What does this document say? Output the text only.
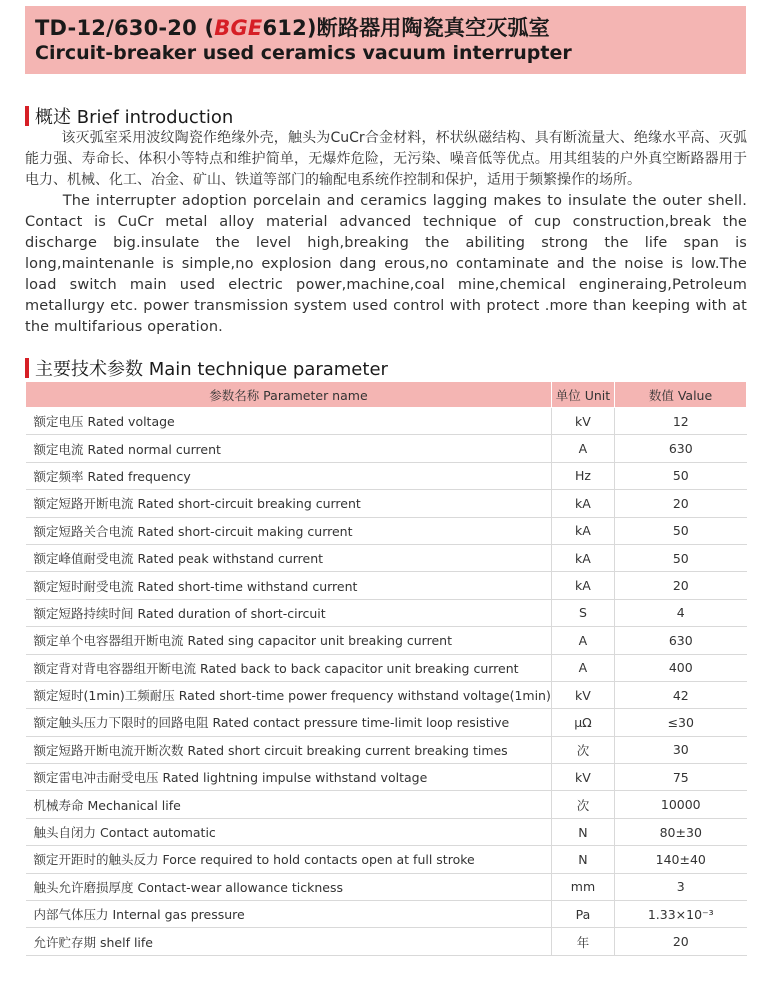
TD-12/630-20 (BGE612)断路器用陶瓷真空灭弧室
Circuit-breaker used ceramics vacuum interrupter
概述 Brief introduction

该灭弧室采用波纹陶瓷作绝缘外壳，触头为CuCr合金材料，杯状纵磁结构、具有断流量大、绝缘水平高、灭弧能力强、寿命长、体积小等特点和维护简单，无爆炸危险，无污染、噪音低等优点。用其组装的户外真空断路器用于电力、机械、化工、冶金、矿山、铁道等部门的输配电系统作控制和保护，适用于频繁操作的场所。

The interrupter adoption porcelain and ceramics lagging makes to insulate the outer shell. Contact is CuCr metal alloy material advanced technique of cup construction,break the discharge big.insulate the level high,breaking the abiliting strong the life span is long,maintenanle is simple,no explosion dang erous,no contaminate and the noise is low.The load switch main used electric power,machine,coal mine,chemical engineraing,Petroleum metallurgy etc. power transmission system used control with protect .more than keeping with at the multifarious operation.

主要技术参数 Main technique parameter
参数名称 Parameter name	单位 Unit	数值 Value
额定电压 Rated voltage	kV	12
额定电流 Rated normal current	A	630
额定频率 Rated frequency	Hz	50
额定短路开断电流 Rated short-circuit breaking current	kA	20
额定短路关合电流 Rated short-circuit making current	kA	50
额定峰值耐受电流 Rated peak withstand current	kA	50
额定短时耐受电流 Rated short-time withstand current	kA	20
额定短路持续时间 Rated duration of short-circuit	S	4
额定单个电容器组开断电流 Rated sing capacitor unit breaking current	A	630
额定背对背电容器组开断电流 Rated back to back capacitor unit breaking current	A	400
额定短时(1min)工频耐压 Rated short-time power frequency withstand voltage(1min)	kV	42
额定触头压力下限时的回路电阻 Rated contact pressure time-limit loop resistive	μΩ	≤30
额定短路开断电流开断次数 Rated short circuit breaking current breaking times	次	30
额定雷电冲击耐受电压 Rated lightning impulse withstand voltage	kV	75
机械寿命 Mechanical life	次	10000
触头自闭力 Contact automatic	N	80±30
额定开距时的触头反力 Force required to hold contacts open at full stroke	N	140±40
触头允许磨损厚度 Contact-wear allowance tickness	mm	3
内部气体压力 Internal gas pressure	Pa	1.33×10⁻³
允许贮存期 shelf life	年	20
